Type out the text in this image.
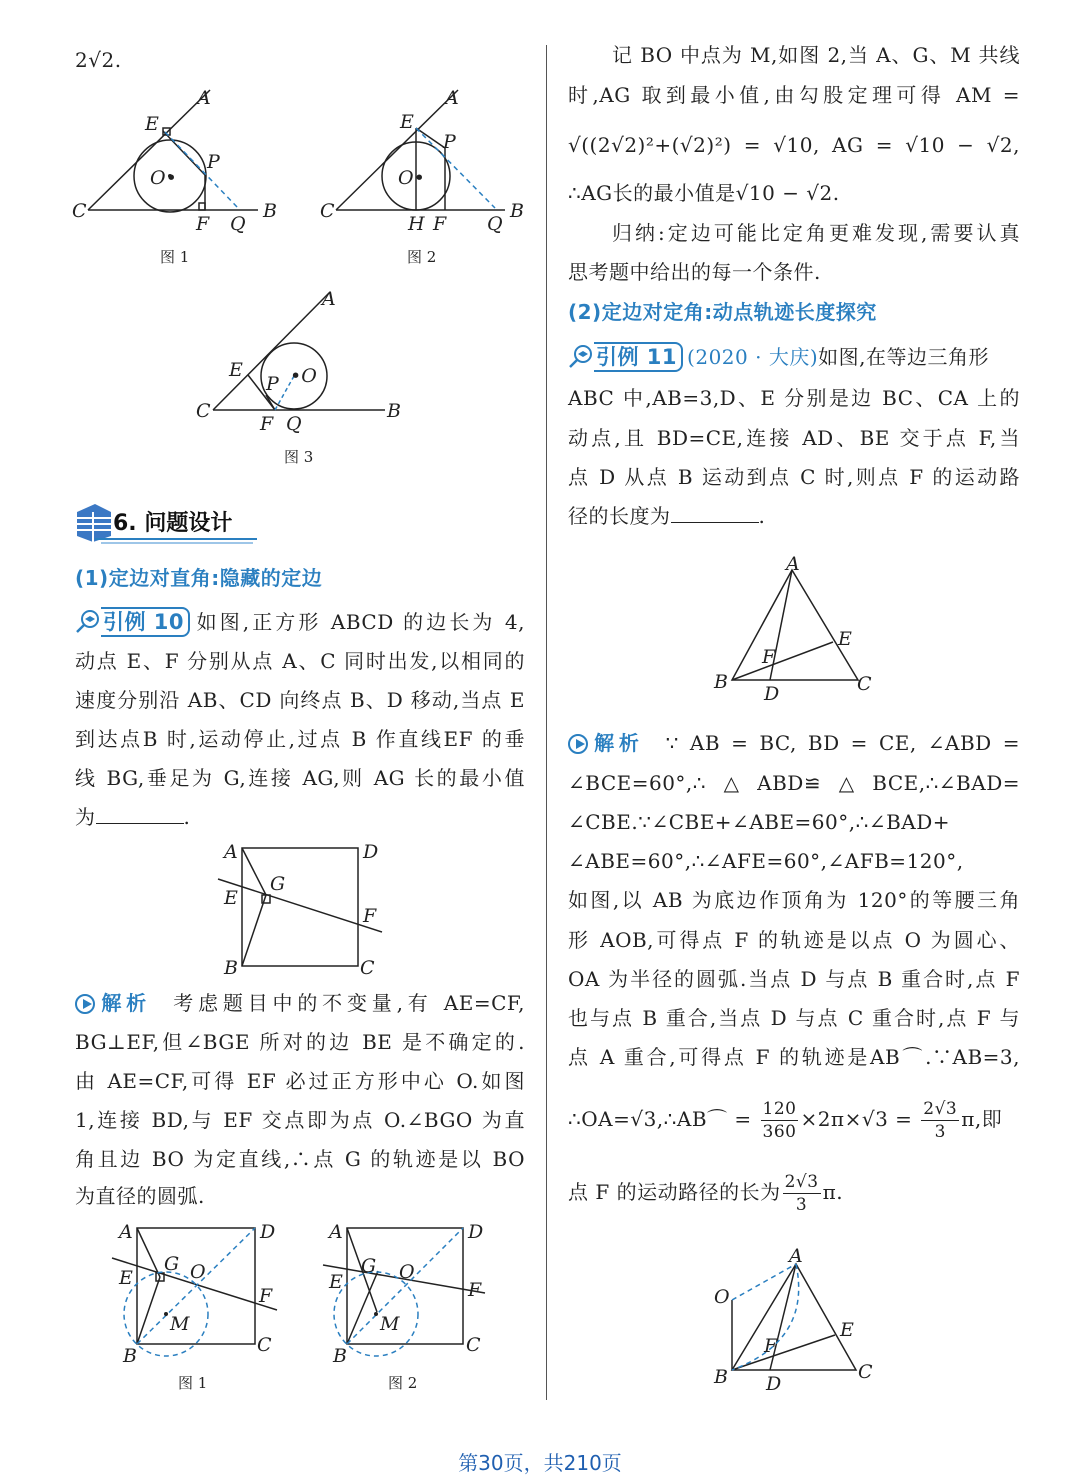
2√2.
6. 问题设计
(1)定边对直角:隐藏的定边
引例 10 如图,正方形 ABCD 的边长为 4,
动点 E、F 分别从点 A、C 同时出发,以相同的
速度分别沿 AB、CD 向终点 B、D 移动,当点 E
到达点B 时,运动停止,过点 B 作直线EF 的垂
线 BG,垂足为 G,连接 AG,则 AG 长的最小值
为	.
解析 考虑题目中的不变量,有 AE=CF,
BG⊥EF,但∠BGE 所对的边 BE 是不确定的.
由 AE=CF,可得 EF 必过正方形中心 O.如图
1,连接 BD,与 EF 交点即为点 O.∠BGO 为直
角且边 BO 为定直线,∴点 G 的轨迹是以 BO
为直径的圆弧.
记 BO 中点为 M,如图 2,当 A、G、M 共线
时,AG 取到最小值,由勾股定理可得 AM =
√((2√2)²+(√2)²) = √10, AG = √10 − √2,
∴AG长的最小值是√10 − √2.
归纳:定边可能比定角更难发现,需要认真
思考题中给出的每一个条件.
(2)定边对定角:动点轨迹长度探究
引例 11 (2020 · 大庆)如图,在等边三角形
ABC 中,AB=3,D、E 分别是边 BC、CA 上的
动点,且 BD=CE,连接 AD、BE 交于点 F,当
点 D 从点 B 运动到点 C 时,则点 F 的运动路
径的长度为	.
解析 ∵ AB = BC, BD = CE, ∠ABD =
∠BCE=60°,∴△ABD≌△BCE,∴∠BAD=
∠CBE.∵∠CBE+∠ABE=60°,∴∠BAD+
∠ABE=60°,∴∠AFE=60°,∠AFB=120°,
如图,以 AB 为底边作顶角为 120°的等腰三角
形 AOB,可得点 F 的轨迹是以点 O 为圆心、
OA 为半径的圆弧.当点 D 与点 B 重合时,点 F
也与点 B 重合,当点 D 与点 C 重合时,点 F 与
点 A 重合,可得点 F 的轨迹是AB⌒.∵AB=3,
∴OA=√3,∴AB⌒ = $\frac{120}{360} \times 2\pi\times√3 = \frac{2√3}{3} \pi$,即
点 F 的运动路径的长为 $\frac{2√3}{3} \pi$.
A
E
O•
P
C
F Q
B
图 1
A
E
P
O•
C
H F Q
B
图 2
A
E
P •O
C
F Q
B
图 3
A	D
E
G
F
B	C
A	D
E
G O
F
M
C
B
图 1
A	D
E
G O
F
M
C
B
图 2
A
E
F
B
D	C
A
O
E
F
B D
C
第30页，共210页
